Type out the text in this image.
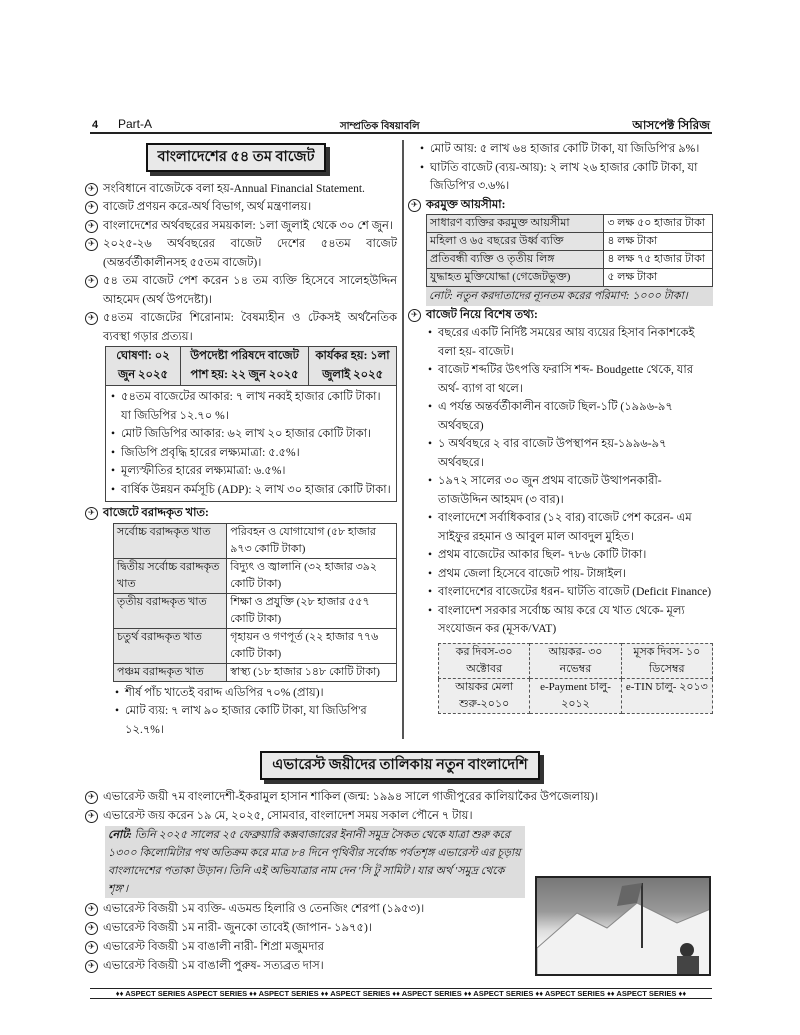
4 Part-A	সাম্প্রতিক বিষয়াবলি	আসপেক্ট সিরিজ
বাংলাদেশের ৫৪ তম বাজেট
✈ সংবিধানে বাজেটকে বলা হয়-Annual Financial Statement.
✈ বাজেট প্রণয়ন করে-অর্থ বিভাগ, অর্থ মন্ত্রণালয়।
✈ বাংলাদেশের অর্থবছরের সময়কাল: ১লা জুলাই থেকে ৩০ শে জুন।
✈ ২০২৫-২৬ অর্থবছরের বাজেট দেশের ৫৪তম বাজেট (অন্তর্বর্তীকালীনসহ ৫৫তম বাজেট)।
✈ ৫৪ তম বাজেট পেশ করেন ১৪ তম ব্যক্তি হিসেবে সালেহউদ্দিন আহমেদ (অর্থ উপদেষ্টা)।
✈ ৫৪তম বাজেটের শিরোনাম: বৈষম্যহীন ও টেকসই অর্থনৈতিক ব্যবস্থা গড়ার প্রত্যয়।
ঘোষণা: ০২ জুন ২০২৫	উপদেষ্টা পরিষদে বাজেট পাশ হয়: ২২ জুন ২০২৫	কার্যকর হয়: ১লা জুলাই ২০২৫
• ৫৪তম বাজেটের আকার: ৭ লাখ নব্বই হাজার কোটি টাকা। যা জিডিপির ১২.৭০ %।
• মোট জিডিপির আকার: ৬২ লাখ ২০ হাজার কোটি টাকা।
• জিডিপি প্রবৃদ্ধি হারের লক্ষ্যমাত্রা: ৫.৫%।
• মূল্যস্ফীতির হারের লক্ষ্যমাত্রা: ৬.৫%।
• বার্ষিক উন্নয়ন কর্মসূচি (ADP): ২ লাখ ৩০ হাজার কোটি টাকা।
✈ বাজেটে বরাদ্দকৃত খাত:
সর্বোচ্চ বরাদ্দকৃত খাত	পরিবহন ও যোগাযোগ (৫৮ হাজার ৯৭৩ কোটি টাকা)
দ্বিতীয় সর্বোচ্চ বরাদ্দকৃত খাত	বিদ্যুৎ ও জ্বালানি (৩২ হাজার ৩৯২ কোটি টাকা)
তৃতীয় বরাদ্দকৃত খাত	শিক্ষা ও প্রযুক্তি (২৮ হাজার ৫৫৭ কোটি টাকা)
চতুর্থ বরাদ্দকৃত খাত	গৃহায়ন ও গণপূর্ত (২২ হাজার ৭৭৬ কোটি টাকা)
পঞ্চম বরাদ্দকৃত খাত	স্বাস্থ্য (১৮ হাজার ১৪৮ কোটি টাকা)
• শীর্ষ পাঁচ খাতেই বরাদ্দ এডিপির ৭০% (প্রায়)।
• মোট ব্যয়: ৭ লাখ ৯০ হাজার কোটি টাকা, যা জিডিপি'র ১২.৭%।
• মোট আয়: ৫ লাখ ৬৪ হাজার কোটি টাকা, যা জিডিপি'র ৯%।
• ঘাটতি বাজেট (ব্যয়-আয়): ২ লাখ ২৬ হাজার কোটি টাকা, যা জিডিপি'র ৩.৬%।
✈ করমুক্ত আয়সীমা:
সাধারণ ব্যক্তির করমুক্ত আয়সীমা	৩ লক্ষ ৫০ হাজার টাকা
মহিলা ও ৬৫ বছরের উর্ধ্ব ব্যক্তি	৪ লক্ষ টাকা
প্রতিবন্ধী ব্যক্তি ও তৃতীয় লিঙ্গ	৪ লক্ষ ৭৫ হাজার টাকা
যুদ্ধাহত মুক্তিযোদ্ধা (গেজেটভুক্ত)	৫ লক্ষ টাকা
নোট: নতুন করদাতাদের ন্যূনতম করের পরিমাণ: ১০০০ টাকা।
✈ বাজেট নিয়ে বিশেষ তথ্য:
• বছরের একটি নির্দিষ্ট সময়ের আয় ব্যয়ের হিসাব নিকাশকেই বলা হয়- বাজেট।
• বাজেট শব্দটির উৎপত্তি ফরাসি শব্দ- Boudgette থেকে, যার অর্থ- ব্যাগ বা থলে।
• এ পর্যন্ত অন্তর্বর্তীকালীন বাজেট ছিল-১টি (১৯৯৬-৯৭ অর্থবছরে)
• ১ অর্থবছরে ২ বার বাজেট উপস্থাপন হয়-১৯৯৬-৯৭ অর্থবছরে।
• ১৯৭২ সালের ৩০ জুন প্রথম বাজেট উত্থাপনকারী- তাজউদ্দিন আহমদ (৩ বার)।
• বাংলাদেশে সর্বাধিকবার (১২ বার) বাজেট পেশ করেন- এম সাইফুর রহমান ও আবুল মাল আবদুল মুহিত।
• প্রথম বাজেটের আকার ছিল- ৭৮৬ কোটি টাকা।
• প্রথম জেলা হিসেবে বাজেট পায়- টাঙ্গাইল।
• বাংলাদেশের বাজেটের ধরন- ঘাটতি বাজেট (Deficit Finance)
• বাংলাদেশ সরকার সর্বোচ্চ আয় করে যে খাত থেকে- মূল্য সংযোজন কর (মূসক/VAT)
কর দিবস-৩০ অক্টোবর	আয়কর- ৩০ নভেম্বর	মূসক দিবস- ১০ ডিসেম্বর
আয়কর মেলা শুরু-২০১০	e-Payment চালু- ২০১২	e-TIN চালু- ২০১৩
এভারেস্ট জয়ীদের তালিকায় নতুন বাংলাদেশি
✈ এভারেস্ট জয়ী ৭ম বাংলাদেশী-ইকরামুল হাসান শাকিল (জন্ম: ১৯৯৪ সালে গাজীপুরের কালিয়াকৈর উপজেলায়)।
✈ এভারেস্ট জয় করেন ১৯ মে, ২০২৫, সোমবার, বাংলাদেশ সময় সকাল পৌনে ৭ টায়।
নোট: তিনি ২০২৫ সালের ২৫ ফেব্রুয়ারি কক্সবাজারের ইনানী সমুদ্র সৈকত থেকে যাত্রা শুরু করে ১৩০০ কিলোমিটার পথ অতিক্রম করে মাত্র ৮৪ দিনে পৃথিবীর সর্বোচ্চ পর্বতশৃঙ্গ এভারেস্ট এর চূড়ায় বাংলাদেশের পতাকা উড়ান। তিনি এই অভিযাত্রার নাম দেন 'সি টু সামিট'। যার অর্থ 'সমুদ্র থেকে শৃঙ্গ'।
✈ এভারেস্ট বিজয়ী ১ম ব্যক্তি- এডমন্ড হিলারি ও তেনজিং শেরপা (১৯৫৩)।
✈ এভারেস্ট বিজয়ী ১ম নারী- জুনকো তাবেই (জাপান- ১৯৭৫)।
✈ এভারেস্ট বিজয়ী ১ম বাঙালী নারী- শিপ্রা মজুমদার
✈ এভারেস্ট বিজয়ী ১ম বাঙালী পুরুষ- সত্যব্রত দাস।
♦♦ ASPECT SERIES ASPECT SERIES ♦♦ ASPECT SERIES ♦♦ ASPECT SERIES ♦♦ ASPECT SERIES ♦♦ ASPECT SERIES ♦♦ ASPECT SERIES ♦♦ ASPECT SERIES ♦♦
